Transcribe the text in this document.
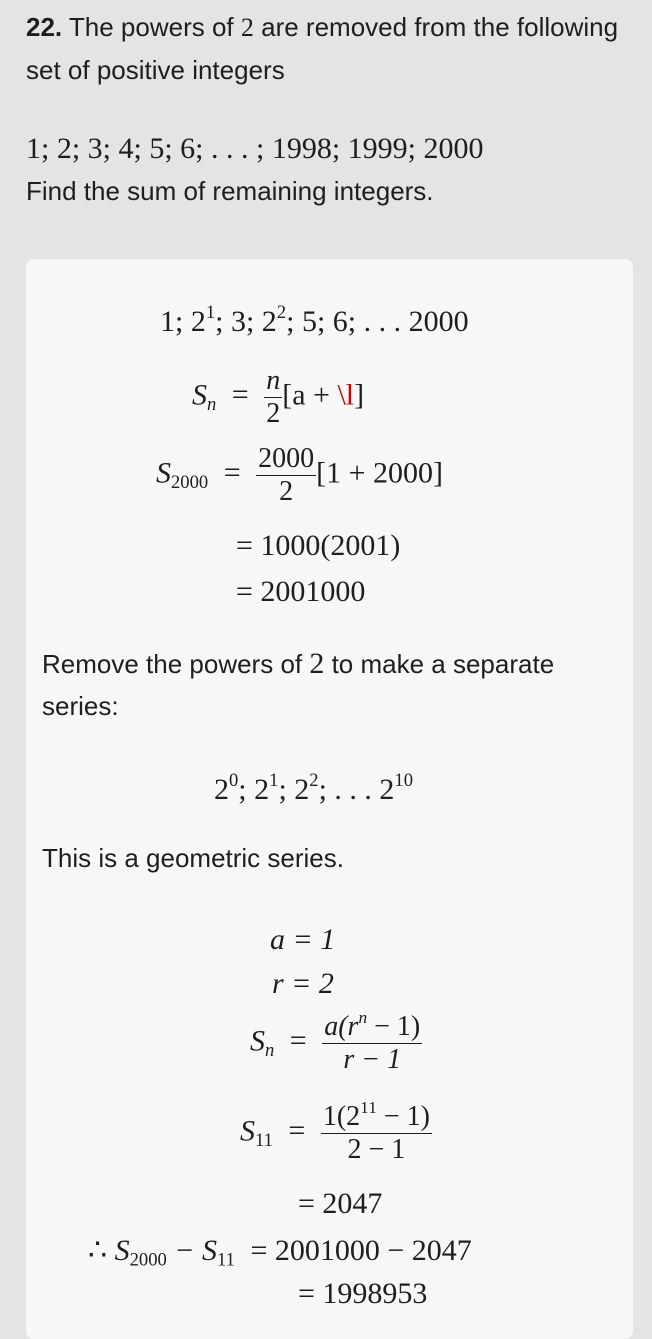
22. The powers of 2 are removed from the following set of positive integers
1; 2; 3; 4; 5; 6; . . . ; 1998; 1999; 2000
Find the sum of remaining integers.
1; $2^1$; 3; $2^2$; 5; 6; . . . 2000
$S_n = \frac{n}{2} [a$ + \l]
$S_{2000} = \frac{2000}{2} [1 + 2000]$
= 1000(2001)
= 2001000
Remove the powers of 2 to make a separate series:
$2^0$; $2^1$; $2^2$; . . . $2^{10}$
This is a geometric series.
a = 1
r = 2
$S_n = \frac{a(r^n - 1)}{r - 1}$
$S_{11} = \frac{1(2^{11} - 1)}{2 - 1}$
= 2047
∴ $S_{2000} - S_{11} = 2001000 - 2047$
= 1998953
